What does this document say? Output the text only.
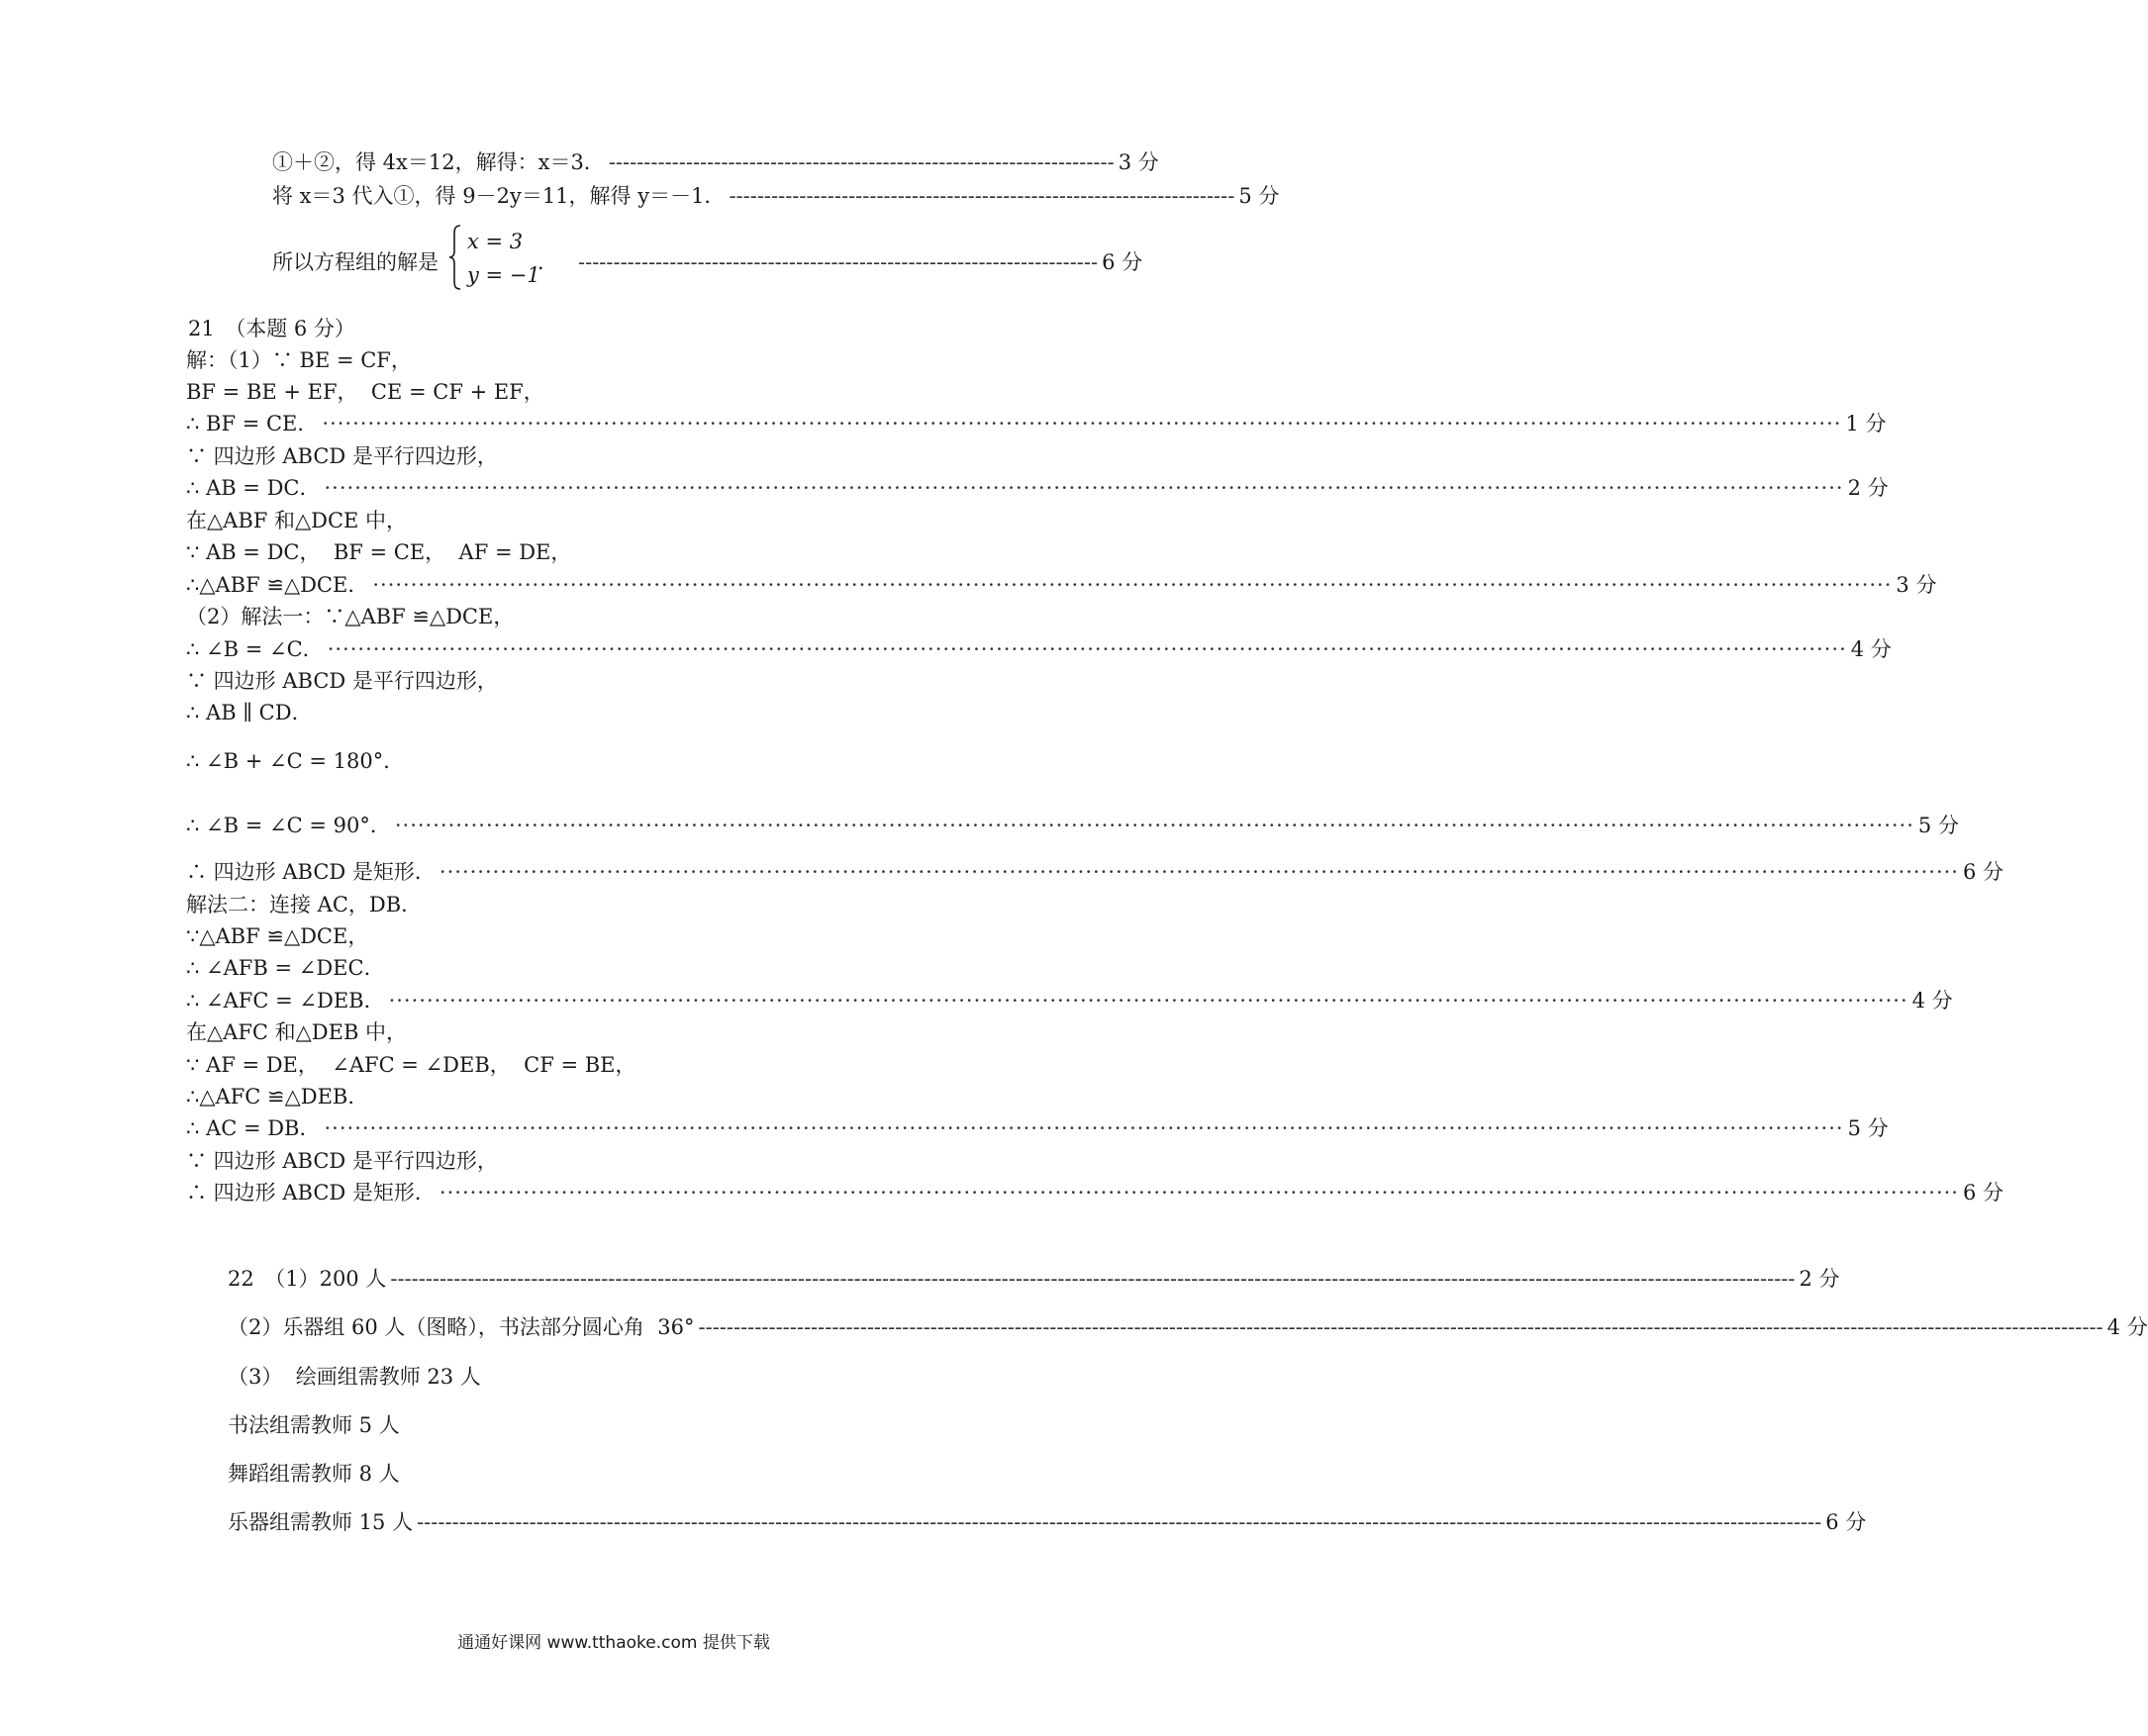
①＋②，得 4x＝12，解得：x＝3． ------------------------------------------------------------------------ 3 分
将 x＝3 代入①，得 9－2y＝11，解得 y＝－1． ------------------------------------------------------------------------ 5 分
所以方程组的解是
x = 3
y = −1
． -------------------------------------------------------------------------- 6 分
21　（本题 6 分）
解：（1）∵ BE = CF，
BF = BE + EF，  CE = CF + EF，
∴ BF = CE． ········································································································································································································ 1 分
∵ 四边形 ABCD 是平行四边形，
∴ AB = DC． ········································································································································································································ 2 分
在△ABF 和△DCE 中，
∵ AB = DC，  BF = CE，  AF = DE，
∴△ABF ≌△DCE． ········································································································································································································ 3 分
（2）解法一：∵△ABF ≌△DCE，
∴ ∠B = ∠C． ········································································································································································································ 4 分
∵ 四边形 ABCD 是平行四边形，
∴ AB ∥ CD．
∴ ∠B + ∠C = 180°．
∴ ∠B = ∠C = 90°． ········································································································································································································ 5 分
∴ 四边形 ABCD 是矩形． ········································································································································································································ 6 分
解法二：连接 AC，DB．
∵△ABF ≌△DCE，
∴ ∠AFB = ∠DEC．
∴ ∠AFC = ∠DEB． ········································································································································································································ 4 分
在△AFC 和△DEB 中，
∵ AF = DE，  ∠AFC = ∠DEB，  CF = BE，
∴△AFC ≌△DEB．
∴ AC = DB． ········································································································································································································ 5 分
∵ 四边形 ABCD 是平行四边形，
∴ 四边形 ABCD 是矩形． ········································································································································································································ 6 分
22　（1）200 人 -------------------------------------------------------------------------------------------------------------------------------------------------------------------------------------------------------- 2 分
（2）乐器组 60 人（图略），书法部分圆心角  36° -------------------------------------------------------------------------------------------------------------------------------------------------------------------------------------------------------- 4 分
（3）  绘画组需教师 23 人
书法组需教师 5 人
舞蹈组需教师 8 人
乐器组需教师 15 人 -------------------------------------------------------------------------------------------------------------------------------------------------------------------------------------------------------- 6 分
通通好课网 www.tthaoke.com 提供下载
